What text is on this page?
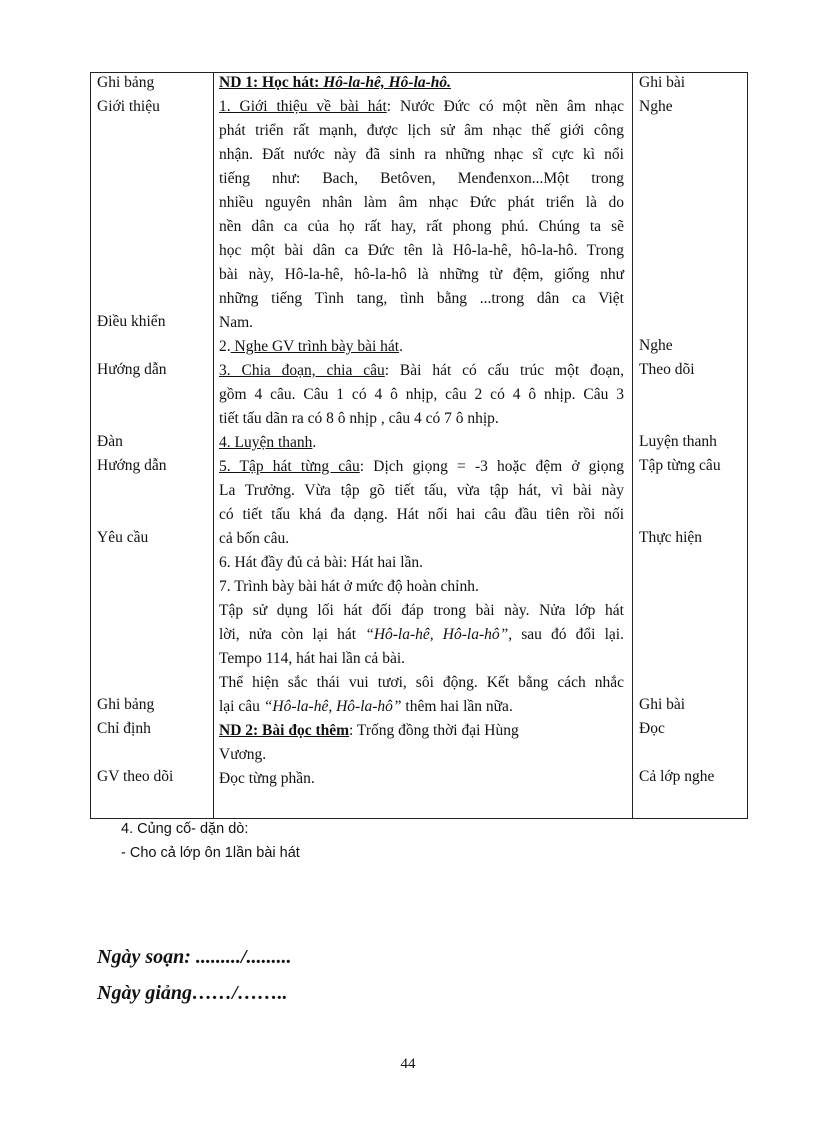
Ghi bảng
Giới thiệu
Điều khiển
Hướng dẫn
Đàn
Hướng dẫn
Yêu cầu
Ghi bảng
Chỉ định
GV theo dõi
ND 1: Học hát: Hô-la-hê, Hô-la-hô.
1. Giới thiệu về bài hát: Nước Đức có một nền âm nhạc
phát triển rất mạnh, được lịch sử âm nhạc thế giới công
nhận. Đất nước này đã sinh ra những nhạc sĩ cực kì nổi
tiếng như: Bach, Betôven, Menđenxon...Một trong
nhiều nguyên nhân làm âm nhạc Đức phát triển là do
nền dân ca của họ rất hay, rất phong phú. Chúng ta sẽ
học một bài dân ca Đức tên là Hô-la-hê, hô-la-hô. Trong
bài này, Hô-la-hê, hô-la-hô là những từ đệm, giống như
những tiếng Tình tang, tình bằng ...trong dân ca Việt
Nam.
2. Nghe GV trình bày bài hát.
3. Chia đoạn, chia câu: Bài hát có cấu trúc một đoạn,
gồm 4 câu. Câu 1 có 4 ô nhịp, câu 2 có 4 ô nhịp. Câu 3
tiết tấu dãn ra có 8 ô nhịp , câu 4 có 7 ô nhịp.
4. Luyện thanh.
5. Tập hát từng câu: Dịch giọng = -3 hoặc đệm ở giọng
La Trưởng. Vừa tập gõ tiết tấu, vừa tập hát, vì bài này
có tiết tấu khá đa dạng. Hát nối hai câu đầu tiên rồi nối
cả bốn câu.
6. Hát đầy đủ cả bài: Hát hai lần.
7. Trình bày bài hát ở mức độ hoàn chỉnh.
Tập sử dụng lối hát đối đáp trong bài này. Nửa lớp hát
lời, nửa còn lại hát “Hô-la-hê, Hô-la-hô”, sau đó đổi lại.
Tempo 114, hát hai lần cả bài.
Thể hiện sắc thái vui tươi, sôi động. Kết bằng cách nhắc
lại câu “Hô-la-hê, Hô-la-hô” thêm hai lần nữa.
ND 2: Bài đọc thêm: Trống đồng thời đại Hùng
Vương.
Đọc từng phần.
Ghi bài
Nghe
Nghe
Theo dõi
Luyện thanh
Tập từng câu
Thực hiện
Ghi bài
Đọc
Cả lớp nghe
4. Củng cố- dặn dò:
- Cho cả lớp ôn 1lần bài hát
Ngày soạn: ........./.........
Ngày giảng……/……..
44
